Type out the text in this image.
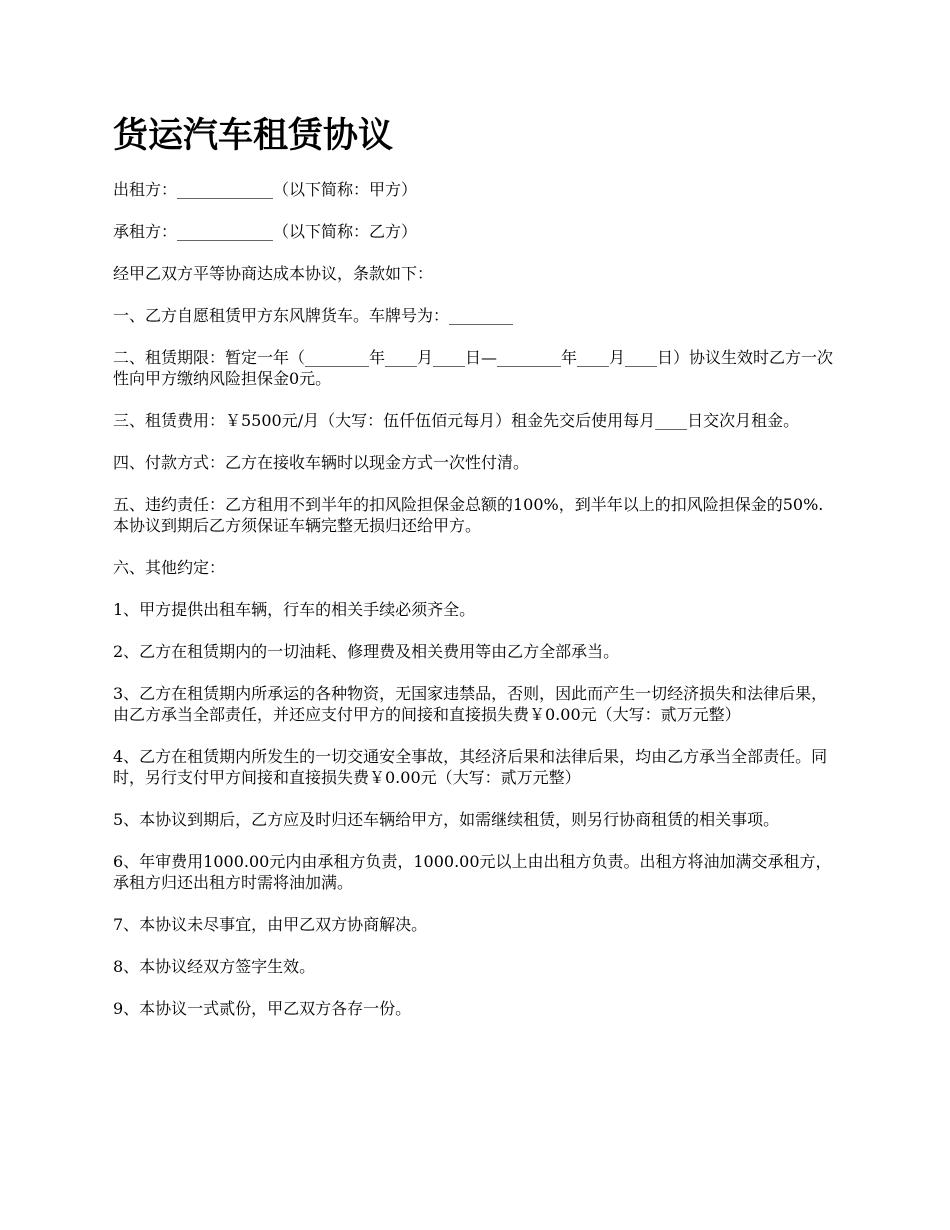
货运汽车租赁协议

出租方：____________（以下简称：甲方）

承租方：____________（以下简称：乙方）

经甲乙双方平等协商达成本协议，条款如下：

一、乙方自愿租赁甲方东风牌货车。车牌号为：________

二、租赁期限：暂定一年（________年____月____日—________年____月____日）协议生效时乙方一次性向甲方缴纳风险担保金0元。

三、租赁费用：￥5500元/月（大写：伍仟伍佰元每月）租金先交后使用每月____日交次月租金。

四、付款方式：乙方在接收车辆时以现金方式一次性付清。

五、违约责任：乙方租用不到半年的扣风险担保金总额的100%，到半年以上的扣风险担保金的50%.本协议到期后乙方须保证车辆完整无损归还给甲方。

六、其他约定：

1、甲方提供出租车辆，行车的相关手续必须齐全。

2、乙方在租赁期内的一切油耗、修理费及相关费用等由乙方全部承当。

3、乙方在租赁期内所承运的各种物资，无国家违禁品，否则，因此而产生一切经济损失和法律后果，由乙方承当全部责任，并还应支付甲方的间接和直接损失费￥0.00元（大写：贰万元整）

4、乙方在租赁期内所发生的一切交通安全事故，其经济后果和法律后果，均由乙方承当全部责任。同时，另行支付甲方间接和直接损失费￥0.00元（大写：贰万元整）

5、本协议到期后，乙方应及时归还车辆给甲方，如需继续租赁，则另行协商租赁的相关事项。

6、年审费用1000.00元内由承租方负责，1000.00元以上由出租方负责。出租方将油加满交承租方，承租方归还出租方时需将油加满。

7、本协议未尽事宜，由甲乙双方协商解决。

8、本协议经双方签字生效。

9、本协议一式贰份，甲乙双方各存一份。
